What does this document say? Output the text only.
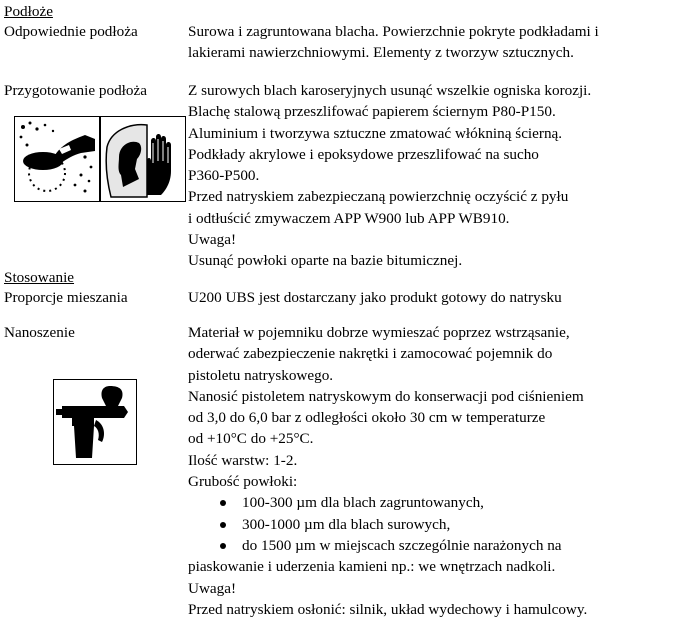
Podłoże
Odpowiednie podłoża	Surowa i zagruntowana blacha. Powierzchnie pokryte podkładami i
lakierami nawierzchniowymi. Elementy z tworzyw sztucznych.
Przygotowanie podłoża	Z surowych blach karoseryjnych usunąć wszelkie ogniska korozji.
Blachę stalową przeszlifować papierem ściernym P80-P150.
Aluminium i tworzywa sztuczne zmatować włókniną ścierną.
Podkłady akrylowe i epoksydowe przeszlifować na sucho
P360-P500.
Przed natryskiem zabezpieczaną powierzchnię oczyścić z pyłu
i odtłuścić zmywaczem APP W900 lub APP WB910.
Uwaga!
Usunąć powłoki oparte na bazie bitumicznej.
Stosowanie
Proporcje mieszania	U200 UBS jest dostarczany jako produkt gotowy do natrysku
Nanoszenie	Materiał w pojemniku dobrze wymieszać poprzez wstrząsanie,
oderwać zabezpieczenie nakrętki i zamocować pojemnik do
pistoletu natryskowego.
Nanosić pistoletem natryskowym do konserwacji pod ciśnieniem
od 3,0 do 6,0 bar z odległości około 30 cm w temperaturze
od +10°C do +25°C.
Ilość warstw: 1-2.
Grubość powłoki:
100-300 µm dla blach zagruntowanych,
300-1000 µm dla blach surowych,
do 1500 µm w miejscach szczególnie narażonych na
piaskowanie i uderzenia kamieni np.: we wnętrzach nadkoli.
Uwaga!
Przed natryskiem osłonić: silnik, układ wydechowy i hamulcowy.
